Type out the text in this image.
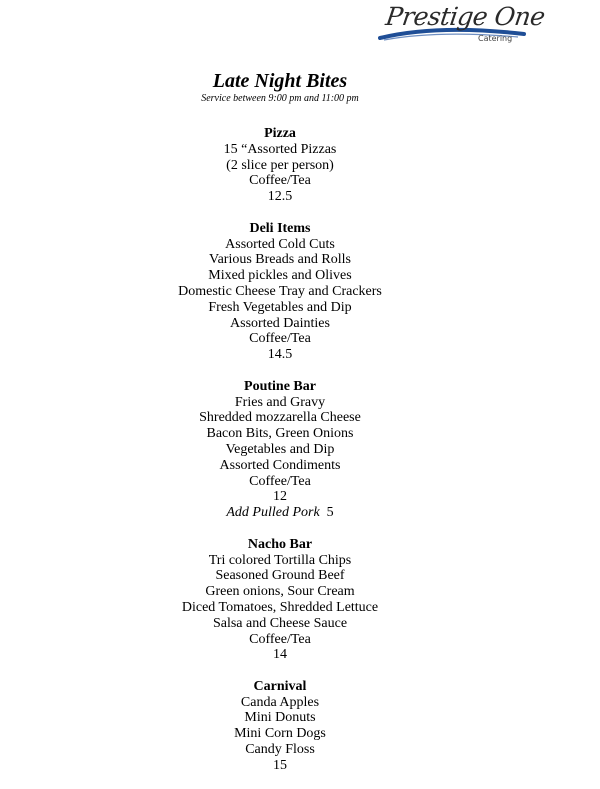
Prestige One
Catering
Late Night Bites
Service between 9:00 pm and 11:00 pm
Pizza
15 “Assorted Pizzas
(2 slice per person)
Coffee/Tea
12.5
Deli Items
Assorted Cold Cuts
Various Breads and Rolls
Mixed pickles and Olives
Domestic Cheese Tray and Crackers
Fresh Vegetables and Dip
Assorted Dainties
Coffee/Tea
14.5
Poutine Bar
Fries and Gravy
Shredded mozzarella Cheese
Bacon Bits, Green Onions
Vegetables and Dip
Assorted Condiments
Coffee/Tea
12
Add Pulled Pork 5
Nacho Bar
Tri colored Tortilla Chips
Seasoned Ground Beef
Green onions, Sour Cream
Diced Tomatoes, Shredded Lettuce
Salsa and Cheese Sauce
Coffee/Tea
14
Carnival
Canda Apples
Mini Donuts
Mini Corn Dogs
Candy Floss
15
